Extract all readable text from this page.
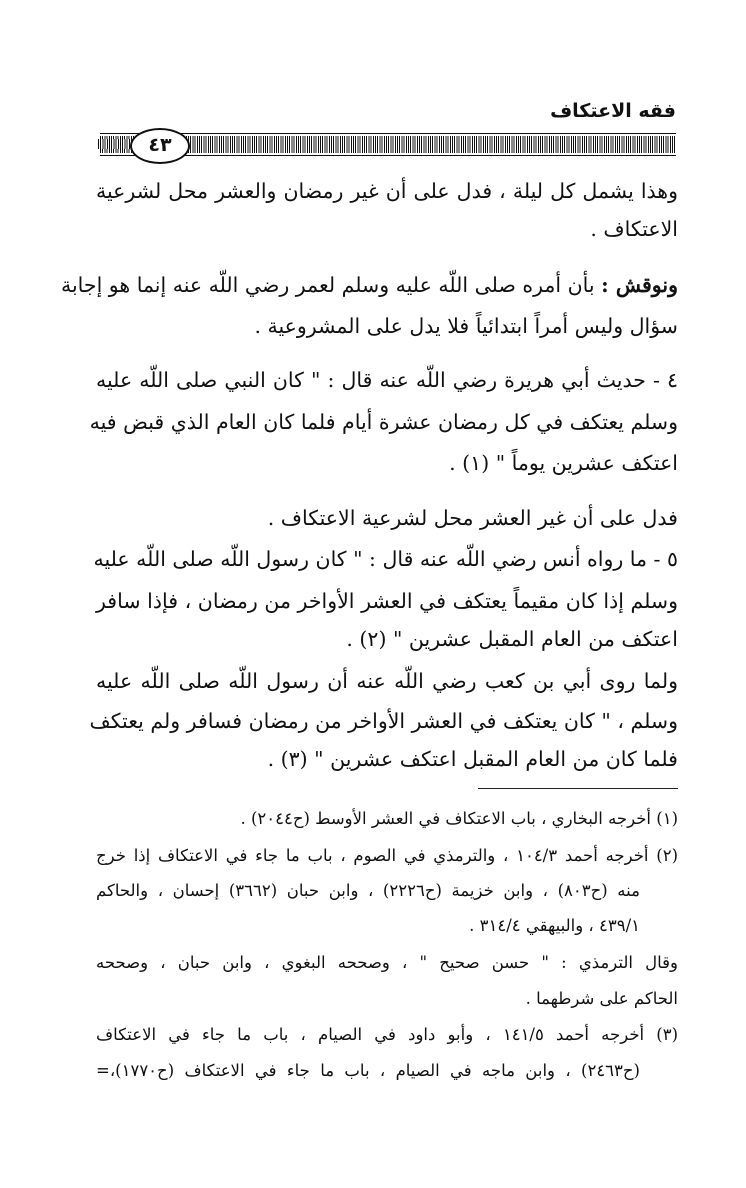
فقه الاعتكاف
٤٣
وهذا يشمل كل ليلة ، فدل على أن غير رمضان والعشر محل لشرعية
الاعتكاف .
ونوقش : بأن أمره صلى اللّه عليه وسلم لعمر رضي اللّه عنه إنما هو إجابة
سؤال وليس أمراً ابتدائياً فلا يدل على المشروعية .
٤ - حديث أبي هريرة رضي اللّه عنه قال : " كان النبي صلى اللّه عليه
وسلم يعتكف في كل رمضان عشرة أيام فلما كان العام الذي قبض فيه
اعتكف عشرين يوماً " (١) .
فدل على أن غير العشر محل لشرعية الاعتكاف .
٥ - ما رواه أنس رضي اللّه عنه قال : " كان رسول اللّه صلى اللّه عليه
وسلم إذا كان مقيماً يعتكف في العشر الأواخر من رمضان ، فإذا سافر
اعتكف من العام المقبل عشرين " (٢) .
ولما روى أبي بن كعب رضي اللّه عنه أن رسول اللّه صلى اللّه عليه
وسلم ، " كان يعتكف في العشر الأواخر من رمضان فسافر ولم يعتكف
فلما كان من العام المقبل اعتكف عشرين " (٣) .
(١) أخرجه البخاري ، باب الاعتكاف في العشر الأوسط (ح٢٠٤٤) .
(٢) أخرجه أحمد ١٠٤/٣ ، والترمذي في الصوم ، باب ما جاء في الاعتكاف إذا خرج
منه (ح٨٠٣) ، وابن خزيمة (ح٢٢٢٦) ، وابن حبان (٣٦٦٢) إحسان ، والحاكم
٤٣٩/١ ، والبيهقي ٣١٤/٤ .
وقال الترمذي : " حسن صحيح " ، وصححه البغوي ، وابن حبان ، وصححه
الحاكم على شرطهما .
(٣) أخرجه أحمد ١٤١/٥ ، وأبو داود في الصيام ، باب ما جاء في الاعتكاف
(ح٢٤٦٣) ، وابن ماجه في الصيام ، باب ما جاء في الاعتكاف (ح١٧٧٠)،=
